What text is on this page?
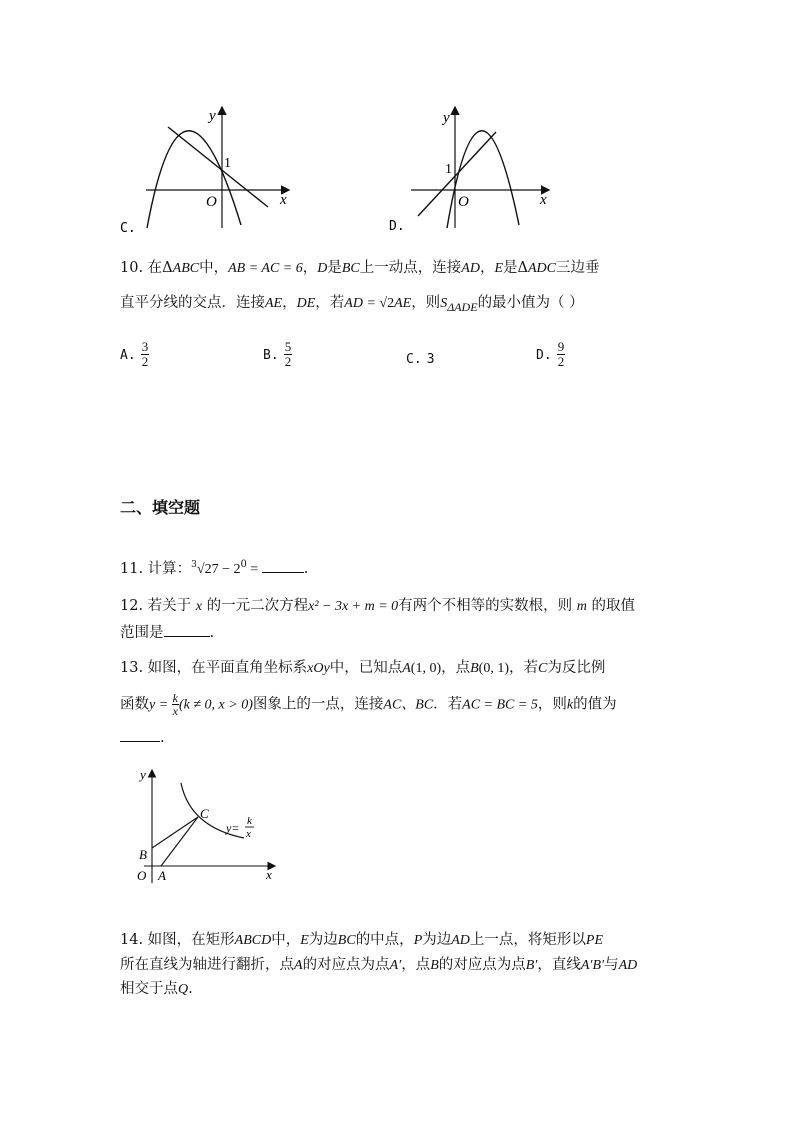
y
x
O
1
C.
y
x
O
1
D.
10. 在ΔABC中，AB = AC = 6，D是BC上一动点，连接AD，E是ΔADC三边垂
直平分线的交点．连接AE，DE，若AD = √2AE，则$S_{\Delta ADE}$的最小值为（ ）
A. $\frac{3}{2}$	B. $\frac{5}{2}$	C. 3	D. $\frac{9}{2}$
二、填空题
11. 计算：$^3√27 - 2^0$ =	.
12. 若关于 x 的一元二次方程x² − 3x + m = 0有两个不相等的实数根，则 m 的取值
范围是	.
13. 如图，在平面直角坐标系xOy中，已知点A(1, 0)，点B(0, 1)，若C为反比例
函数$y = \frac{k}{x} (k \ne 0$, x > 0)图象上的一点，连接AC、BC．若AC = BC = 5，则k的值为
.
y
x
O A
B
C
y= k
x
14. 如图，在矩形ABCD中，E为边BC的中点，P为边AD上一点，将矩形以PE
所在直线为轴进行翻折，点A的对应点为点A′，点B的对应点为点B′，直线A′B′与AD
相交于点Q.
